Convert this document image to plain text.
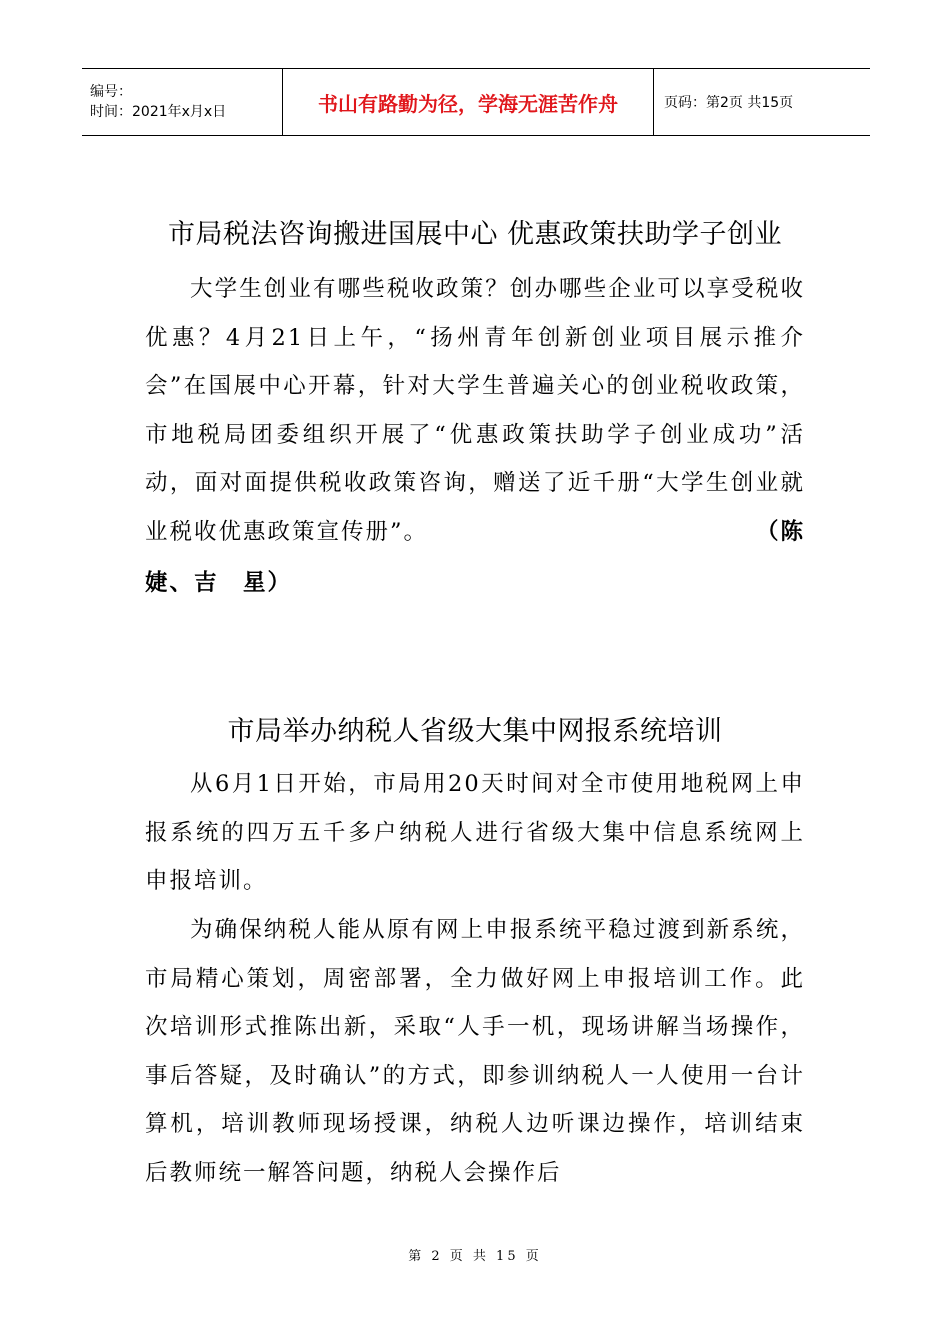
编号：
时间：2021年x月x日	书山有路勤为径，学海无涯苦作舟	页码：第2页 共15页
市局税法咨询搬进国展中心 优惠政策扶助学子创业

大学生创业有哪些税收政策？创办哪些企业可以享受税收优惠？4月21日上午，“扬州青年创新创业项目展示推介会”在国展中心开幕，针对大学生普遍关心的创业税收政策，市地税局团委组织开展了“优惠政策扶助学子创业成功”活动，面对面提供税收政策咨询，赠送了近千册“大学生创业就业税收优惠政策宣传册”。	（陈

婕、吉　星）
市局举办纳税人省级大集中网报系统培训

从6月1日开始，市局用20天时间对全市使用地税网上申报系统的四万五千多户纳税人进行省级大集中信息系统网上申报培训。

为确保纳税人能从原有网上申报系统平稳过渡到新系统，市局精心策划，周密部署，全力做好网上申报培训工作。此次培训形式推陈出新，采取“人手一机，现场讲解当场操作，事后答疑，及时确认”的方式，即参训纳税人一人使用一台计算机，培训教师现场授课，纳税人边听课边操作，培训结束后教师统一解答问题，纳税人会操作后

第 2 页 共 15 页
